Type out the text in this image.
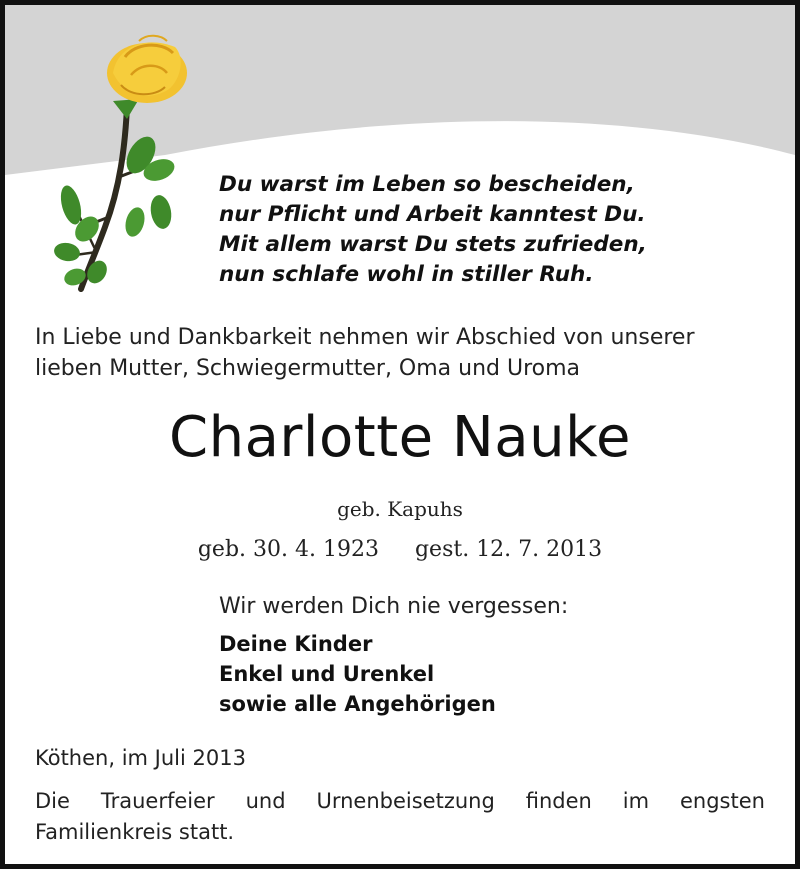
Du warst im Leben so bescheiden,
nur Pflicht und Arbeit kanntest Du.
Mit allem warst Du stets zufrieden,
nun schlafe wohl in stiller Ruh.
In Liebe und Dankbarkeit nehmen wir Abschied von unserer
lieben Mutter, Schwiegermutter, Oma und Uroma
Charlotte Nauke
geb. Kapuhs
geb. 30. 4. 1923 gest. 12. 7. 2013
Wir werden Dich nie vergessen:
Deine Kinder
Enkel und Urenkel
sowie alle Angehörigen
Köthen, im Juli 2013
Die Trauerfeier und Urnenbeisetzung finden im engsten
Familienkreis statt.
